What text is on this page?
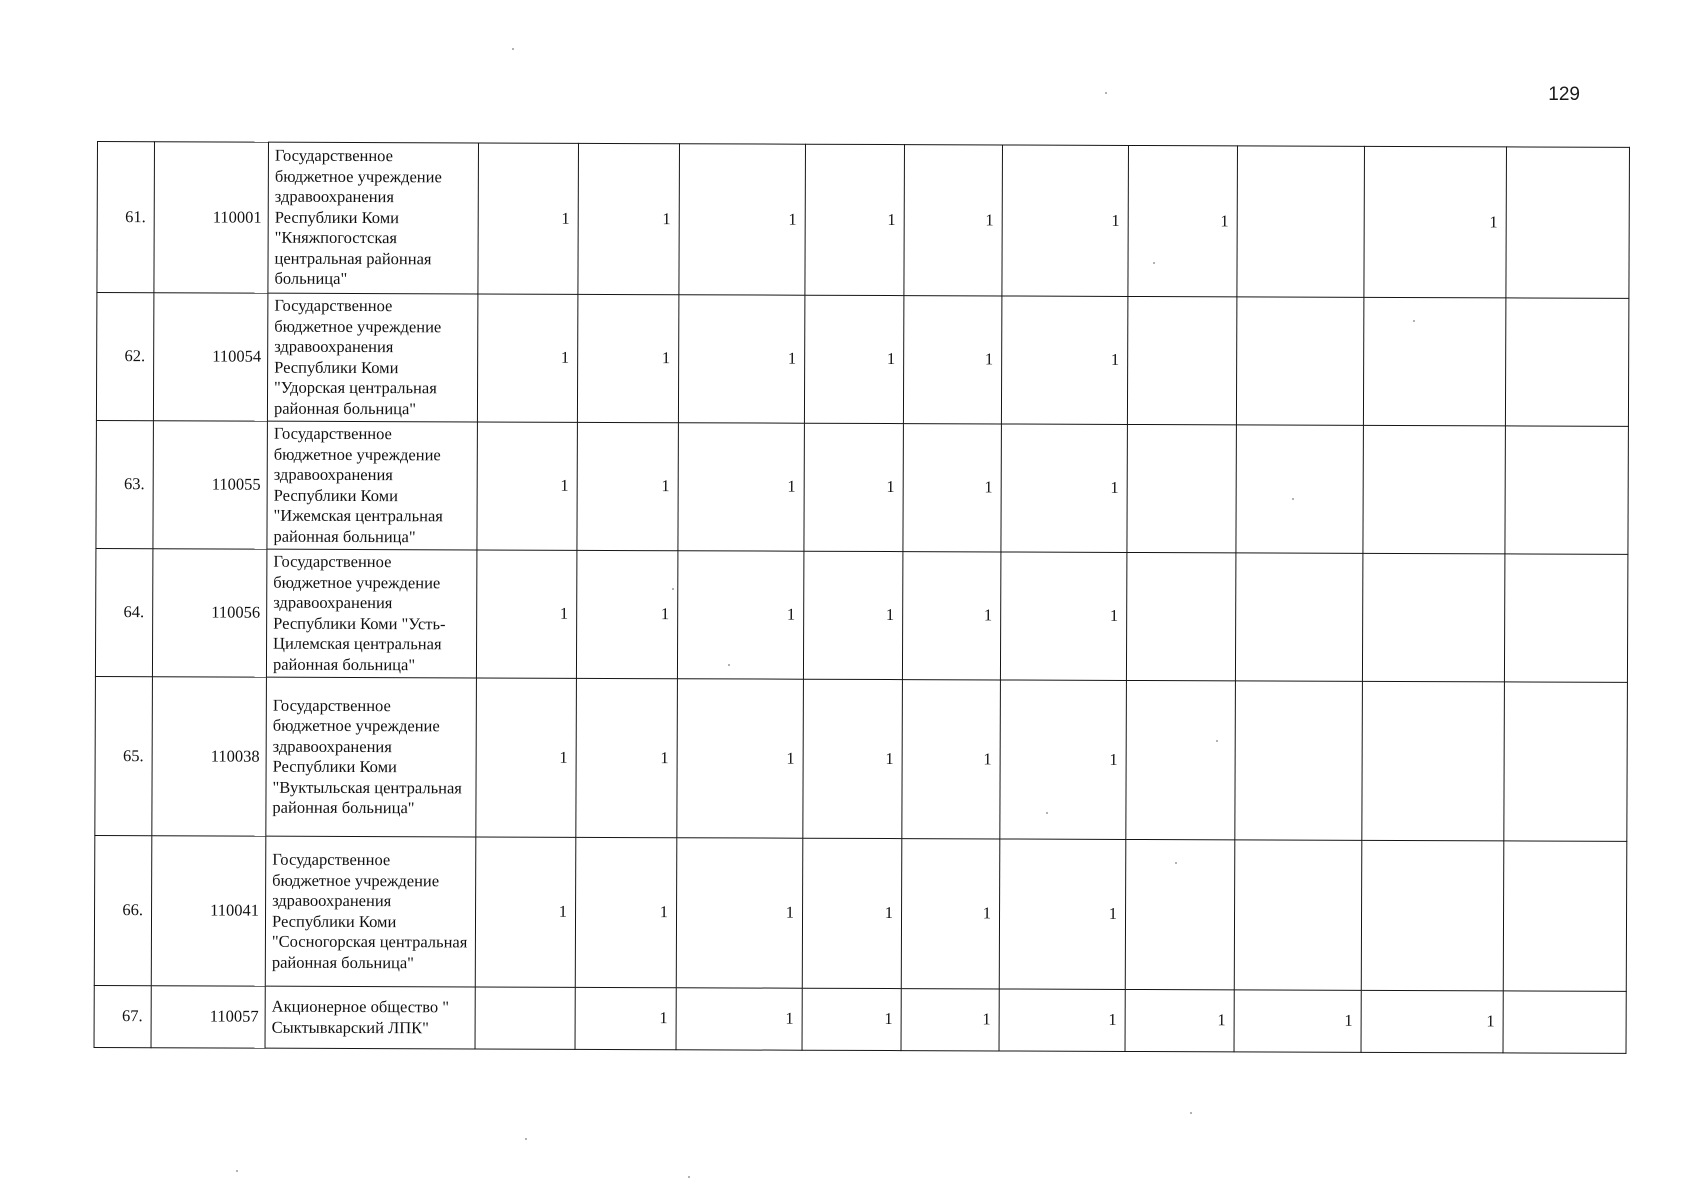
129
61.	110001	Государственное бюджетное учреждение здравоохранения Республики Коми "Княжпогостская центральная районная больница"	1	1	1	1	1	1	1		1	
62.	110054	Государственное бюджетное учреждение здравоохранения Республики Коми "Удорская центральная районная больница"	1	1	1	1	1	1				
63.	110055	Государственное бюджетное учреждение здравоохранения Республики Коми "Ижемская центральная районная больница"	1	1	1	1	1	1				
64.	110056	Государственное бюджетное учреждение здравоохранения Республики Коми "Усть-Цилемская центральная районная больница"	1	1	1	1	1	1				
65.	110038	Государственное бюджетное учреждение здравоохранения Республики Коми "Вуктыльская центральная районная больница"	1	1	1	1	1	1				
66.	110041	Государственное бюджетное учреждение здравоохранения Республики Коми "Сосногорская центральная районная больница"	1	1	1	1	1	1				
67.	110057	Акционерное общество " Сыктывкарский ЛПК"		1	1	1	1	1	1	1	1	
